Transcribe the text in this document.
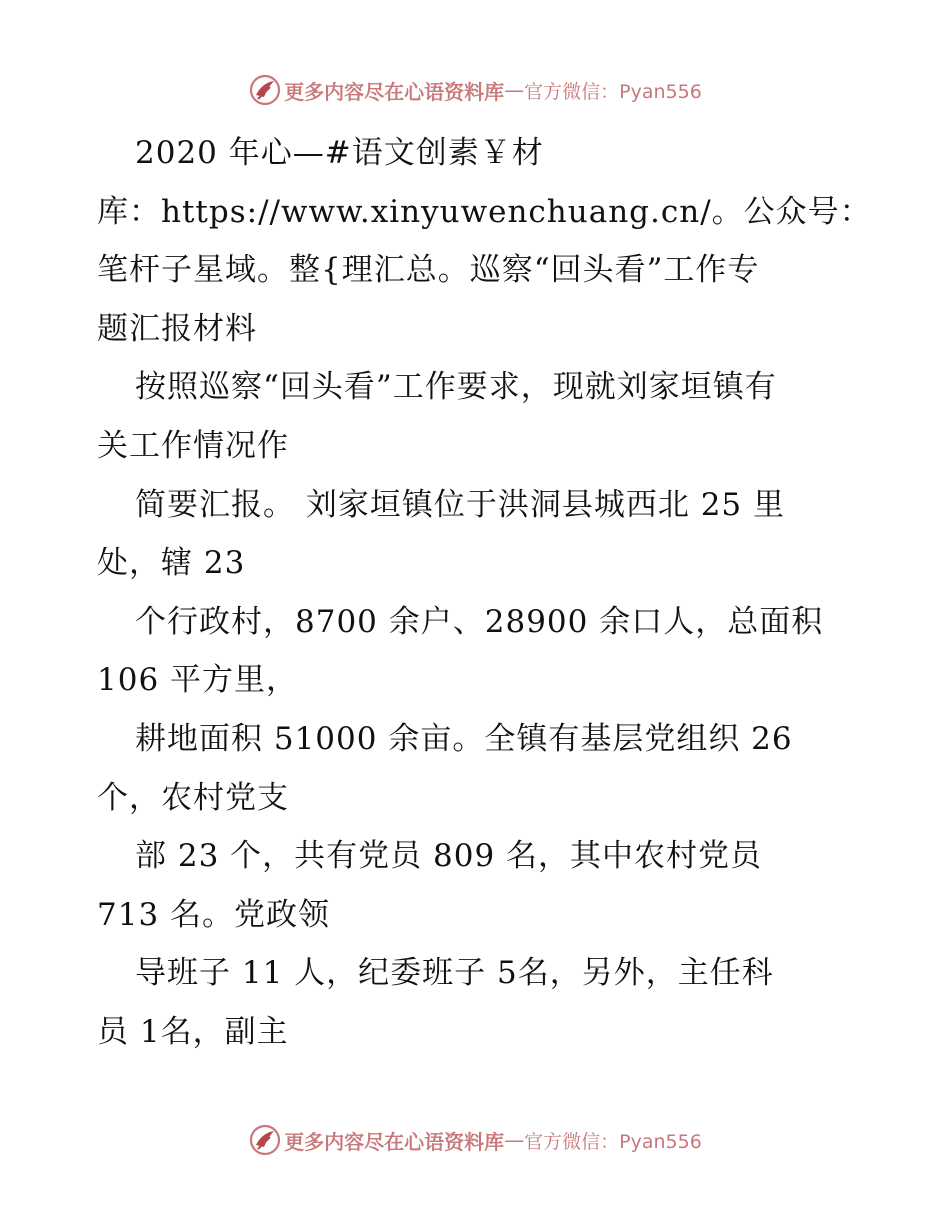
更多内容尽在心语资料库 — 官方微信：Pyan556
2020 年心—#语文创素￥材
库：https://www.xinyuwenchuang.cn/。公众号：
笔杆子星域。整{理汇总。巡察“回头看”工作专
题汇报材料
按照巡察“回头看”工作要求，现就刘家垣镇有
关工作情况作
简要汇报。 刘家垣镇位于洪洞县城西北 25 里
处，辖 23
个行政村，8700 余户、28900 余口人，总面积
106 平方里，
耕地面积 51000 余亩。全镇有基层党组织 26
个，农村党支
部 23 个，共有党员 809 名，其中农村党员
713 名。党政领
导班子 11 人，纪委班子 5名，另外，主任科
员 1名，副主
更多内容尽在心语资料库 — 官方微信：Pyan556
